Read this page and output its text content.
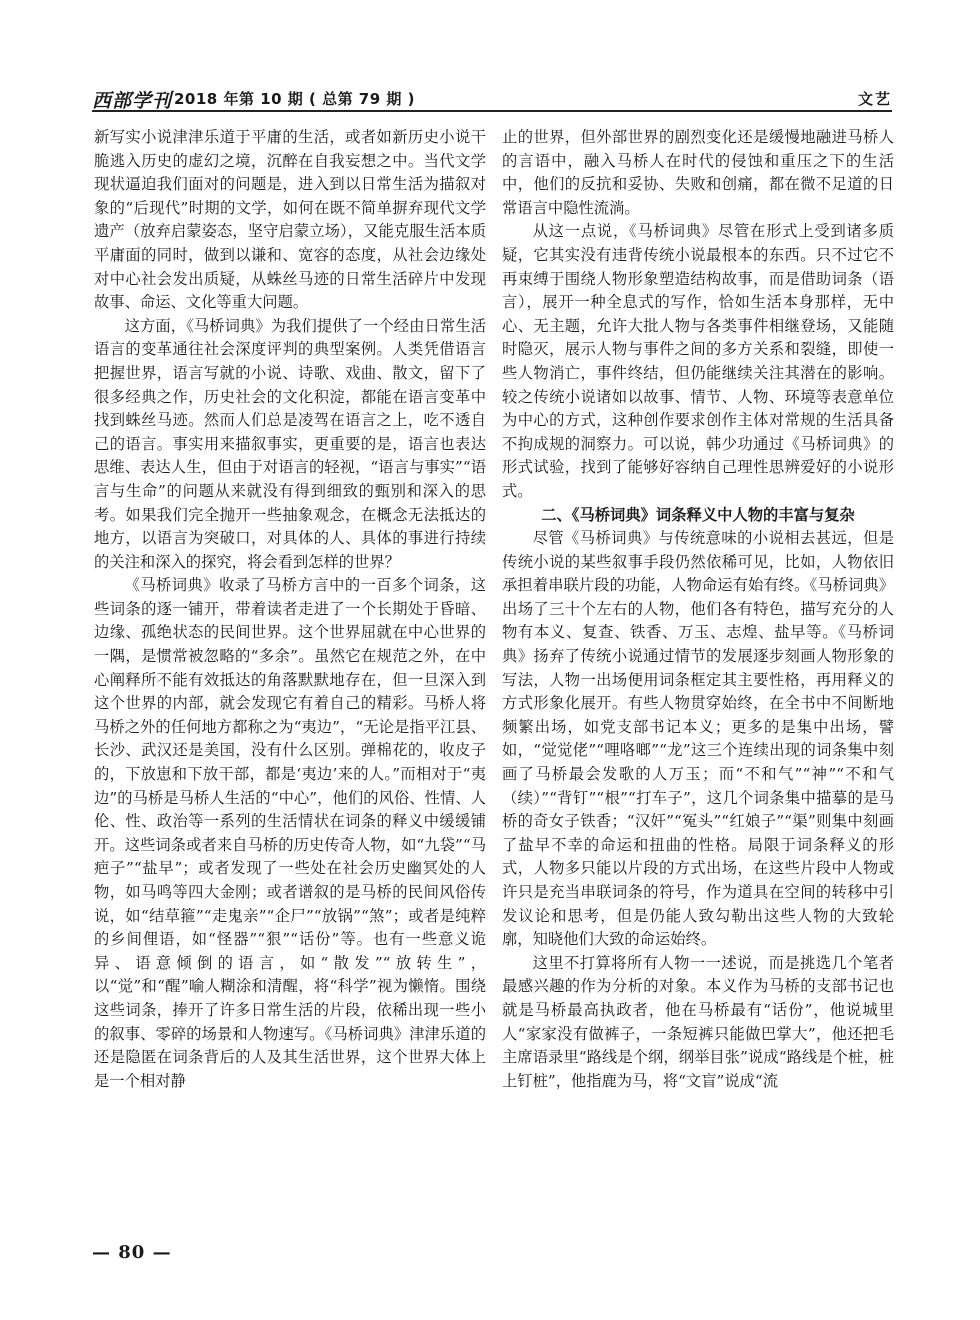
西部学刊 2018 年第 10 期 ( 总第 79 期 )	文艺

新写实小说津津乐道于平庸的生活，或者如新历史小说干脆逃入历史的虚幻之境，沉醉在自我妄想之中。当代文学现状逼迫我们面对的问题是，进入到以日常生活为描叙对象的“后现代”时期的文学，如何在既不简单摒弃现代文学遗产（放弃启蒙姿态，坚守启蒙立场），又能克服生活本质平庸面的同时，做到以谦和、宽容的态度，从社会边缘处对中心社会发出质疑，从蛛丝马迹的日常生活碎片中发现故事、命运、文化等重大问题。

这方面，《马桥词典》为我们提供了一个经由日常生活语言的变革通往社会深度评判的典型案例。人类凭借语言把握世界，语言写就的小说、诗歌、戏曲、散文，留下了很多经典之作，历史社会的文化积淀，都能在语言变革中找到蛛丝马迹。然而人们总是凌驾在语言之上，吃不透自己的语言。事实用来描叙事实，更重要的是，语言也表达思维、表达人生，但由于对语言的轻视，“语言与事实”“语言与生命”的问题从来就没有得到细致的甄别和深入的思考。如果我们完全抛开一些抽象观念，在概念无法抵达的地方，以语言为突破口，对具体的人、具体的事进行持续的关注和深入的探究，将会看到怎样的世界？

《马桥词典》收录了马桥方言中的一百多个词条，这些词条的逐一铺开，带着读者走进了一个长期处于昏暗、边缘、孤绝状态的民间世界。这个世界屈就在中心世界的一隅，是惯常被忽略的“多余”。虽然它在规范之外，在中心阐释所不能有效抵达的角落默默地存在，但一旦深入到这个世界的内部，就会发现它有着自己的精彩。马桥人将马桥之外的任何地方都称之为“夷边”，“无论是指平江县、长沙、武汉还是美国，没有什么区别。弹棉花的，收皮子的，下放崽和下放干部，都是‘夷边’来的人。”而相对于“夷边”的马桥是马桥人生活的“中心”，他们的风俗、性情、人伦、性、政治等一系列的生活情状在词条的释义中缓缓铺开。这些词条或者来自马桥的历史传奇人物，如“九袋”“马疤子”“盐早”；或者发现了一些处在社会历史幽冥处的人物，如马鸣等四大金刚；或者谱叙的是马桥的民间风俗传说，如“结草箍”“走鬼亲”“企尸”“放锅”“煞”；或者是纯粹的乡间俚语，如“怪器”“狠”“话份”等。也有一些意义诡异、语意倾倒的语言，如“散发”“放转生”，以“觉”和“醒”喻人糊涂和清醒，将“科学”视为懒惰。围绕这些词条，捧开了许多日常生活的片段，依稀出现一些小的叙事、零碎的场景和人物速写。《马桥词典》津津乐道的还是隐匿在词条背后的人及其生活世界，这个世界大体上是一个相对静

止的世界，但外部世界的剧烈变化还是缓慢地融进马桥人的言语中，融入马桥人在时代的侵蚀和重压之下的生活中，他们的反抗和妥协、失败和创痛，都在微不足道的日常语言中隐性流淌。

从这一点说，《马桥词典》尽管在形式上受到诸多质疑，它其实没有违背传统小说最根本的东西。只不过它不再束缚于围绕人物形象塑造结构故事，而是借助词条（语言），展开一种全息式的写作，恰如生活本身那样，无中心、无主题，允许大批人物与各类事件相继登场，又能随时隐灭，展示人物与事件之间的多方关系和裂缝，即使一些人物消亡，事件终结，但仍能继续关注其潜在的影响。较之传统小说诸如以故事、情节、人物、环境等表意单位为中心的方式，这种创作要求创作主体对常规的生活具备不拘成规的洞察力。可以说，韩少功通过《马桥词典》的形式试验，找到了能够好容纳自己理性思辨爱好的小说形式。

二、《马桥词典》词条释义中人物的丰富与复杂

尽管《马桥词典》与传统意味的小说相去甚远，但是传统小说的某些叙事手段仍然依稀可见，比如，人物依旧承担着串联片段的功能，人物命运有始有终。《马桥词典》出场了三十个左右的人物，他们各有特色，描写充分的人物有本义、复查、铁香、万玉、志煌、盐早等。《马桥词典》扬弃了传统小说通过情节的发展逐步刻画人物形象的写法，人物一出场便用词条框定其主要性格，再用释义的方式形象化展开。有些人物贯穿始终，在全书中不间断地频繁出场，如党支部书记本义；更多的是集中出场，譬如，“觉觉佬”“哩咯啷”“龙”这三个连续出现的词条集中刻画了马桥最会发歌的人万玉；而“不和气”“神”“不和气（续）”“背钉”“根”“打车子”，这几个词条集中描摹的是马桥的奇女子铁香；“汉奸”“冤头”“红娘子”“渠”则集中刻画了盐早不幸的命运和扭曲的性格。局限于词条释义的形式，人物多只能以片段的方式出场，在这些片段中人物或许只是充当串联词条的符号，作为道具在空间的转移中引发议论和思考，但是仍能人致勾勒出这些人物的大致轮廓，知晓他们大致的命运始终。

这里不打算将所有人物一一述说，而是挑选几个笔者最感兴趣的作为分析的对象。本义作为马桥的支部书记也就是马桥最高执政者，他在马桥最有“话份”，他说城里人“家家没有做裤子，一条短裤只能做巴掌大”，他还把毛主席语录里“路线是个纲，纲举目张”说成“路线是个桩，桩上钉桩”，他指鹿为马，将“文盲”说成“流

— 80 —
